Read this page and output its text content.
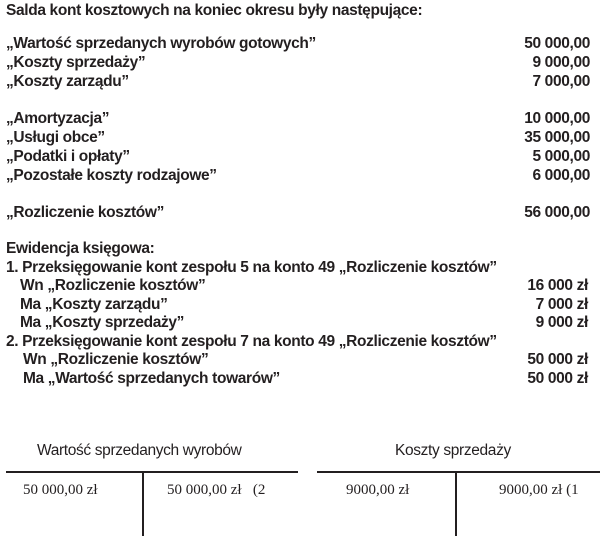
Salda kont kosztowych na koniec okresu były następujące:
„Wartość sprzedanych wyrobów gotowych”	50 000,00
„Koszty sprzedaży”	9 000,00
„Koszty zarządu”	7 000,00
„Amortyzacja”	10 000,00
„Usługi obce”	35 000,00
„Podatki i opłaty”	5 000,00
„Pozostałe koszty rodzajowe”	6 000,00
„Rozliczenie kosztów”	56 000,00
Ewidencja księgowa:
1. Przeksięgowanie kont zespołu 5 na konto 49 „Rozliczenie kosztów”
Wn „Rozliczenie kosztów”	16 000 zł
Ma „Koszty zarządu”	7 000 zł
Ma „Koszty sprzedaży”	9 000 zł
2. Przeksięgowanie kont zespołu 7 na konto 49 „Rozliczenie kosztów”
Wn „Rozliczenie kosztów”	50 000 zł
Ma „Wartość sprzedanych towarów”	50 000 zł
Wartość sprzedanych wyrobów
50 000,00 zł	50 000,00 zł   (2
Koszty sprzedaży
9000,00 zł	9000,00 zł (1
